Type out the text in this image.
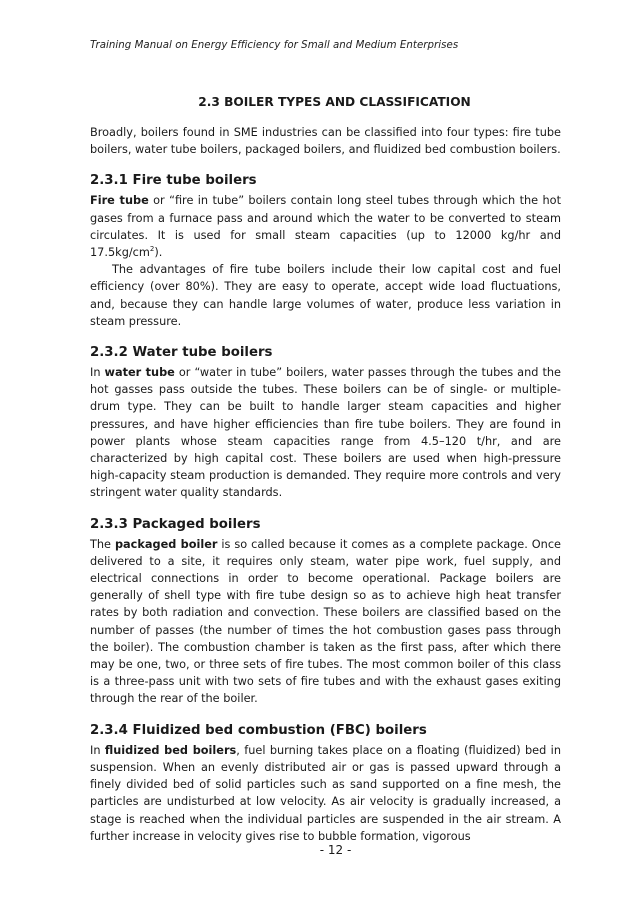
Training Manual on Energy Efficiency for Small and Medium Enterprises
2.3 BOILER TYPES AND CLASSIFICATION

Broadly, boilers found in SME industries can be classified into four types: fire tube boilers, water tube boilers, packaged boilers, and fluidized bed combustion boilers.

2.3.1 Fire tube boilers

Fire tube or “fire in tube” boilers contain long steel tubes through which the hot gases from a furnace pass and around which the water to be converted to steam circulates. It is used for small steam capacities (up to 12000 kg/hr and $17.5kg/cm^2$).

The advantages of fire tube boilers include their low capital cost and fuel efficiency (over 80%). They are easy to operate, accept wide load fluctuations, and, because they can handle large volumes of water, produce less variation in steam pressure.

2.3.2 Water tube boilers

In water tube or “water in tube” boilers, water passes through the tubes and the hot gasses pass outside the tubes. These boilers can be of single- or multiple-drum type. They can be built to handle larger steam capacities and higher pressures, and have higher efficiencies than fire tube boilers. They are found in power plants whose steam capacities range from 4.5–120 t/hr, and are characterized by high capital cost. These boilers are used when high-pressure high-capacity steam production is demanded. They require more controls and very stringent water quality standards.

2.3.3 Packaged boilers

The packaged boiler is so called because it comes as a complete package. Once delivered to a site, it requires only steam, water pipe work, fuel supply, and electrical connections in order to become operational. Package boilers are generally of shell type with fire tube design so as to achieve high heat transfer rates by both radiation and convection. These boilers are classified based on the number of passes (the number of times the hot combustion gases pass through the boiler). The combustion chamber is taken as the first pass, after which there may be one, two, or three sets of fire tubes. The most common boiler of this class is a three-pass unit with two sets of fire tubes and with the exhaust gases exiting through the rear of the boiler.

2.3.4 Fluidized bed combustion (FBC) boilers

In fluidized bed boilers, fuel burning takes place on a floating (fluidized) bed in suspension. When an evenly distributed air or gas is passed upward through a finely divided bed of solid particles such as sand supported on a fine mesh, the particles are undisturbed at low velocity. As air velocity is gradually increased, a stage is reached when the individual particles are suspended in the air stream. A further increase in velocity gives rise to bubble formation, vigorous

- 12 -
